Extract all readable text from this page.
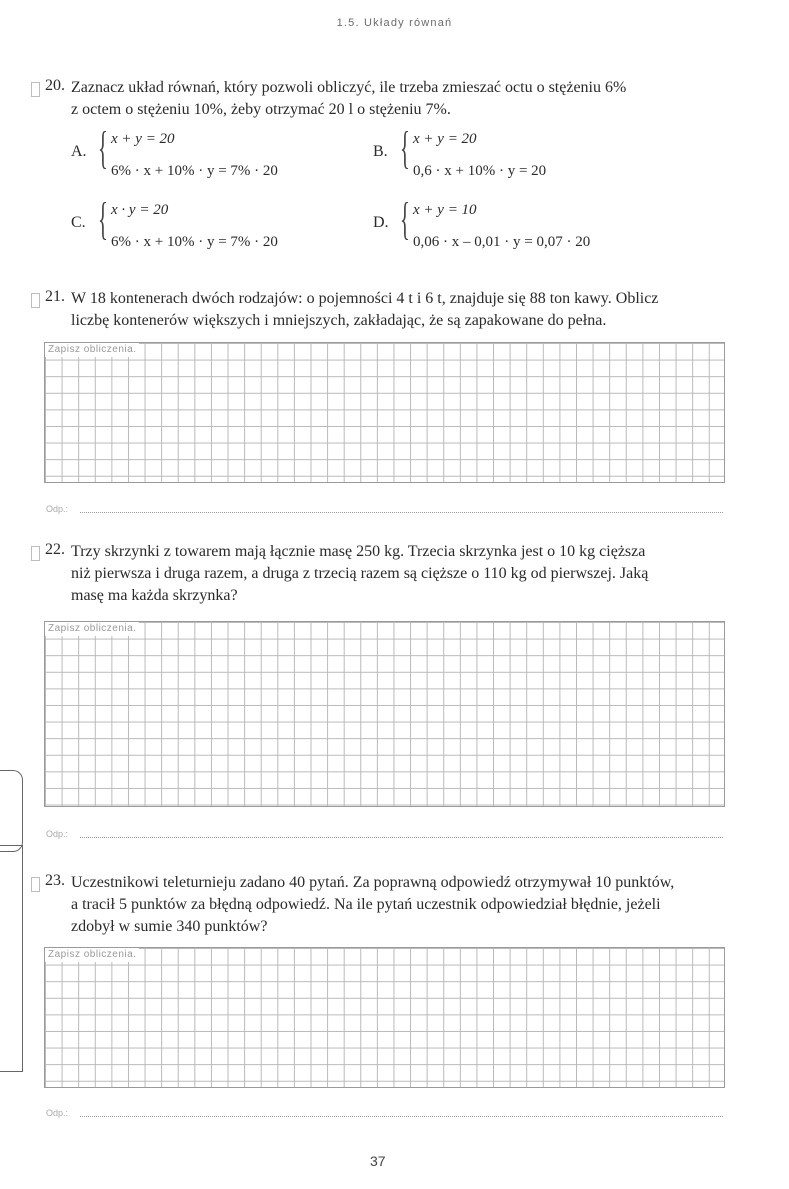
1.5. Układy równań
20. Zaznacz układ równań, który pozwoli obliczyć, ile trzeba zmieszać octu o stężeniu 6%
z octem o stężeniu 10%, żeby otrzymać 20 l o stężeniu 7%.
A. { x + y = 20
6% · x + 10% · y = 7% · 20
B. { x + y = 20
0,6 · x + 10% · y = 20
C. { x · y = 20
6% · x + 10% · y = 7% · 20
D. { x + y = 10
0,06 · x – 0,01 · y = 0,07 · 20
21. W 18 kontenerach dwóch rodzajów: o pojemności 4 t i 6 t, znajduje się 88 ton kawy. Oblicz
liczbę kontenerów większych i mniejszych, zakładając, że są zapakowane do pełna.
Zapisz obliczenia.
Odp.:
22. Trzy skrzynki z towarem mają łącznie masę 250 kg. Trzecia skrzynka jest o 10 kg cięższa
niż pierwsza i druga razem, a druga z trzecią razem są cięższe o 110 kg od pierwszej. Jaką
masę ma każda skrzynka?
Zapisz obliczenia.
Odp.:
23. Uczestnikowi teleturnieju zadano 40 pytań. Za poprawną odpowiedź otrzymywał 10 punktów,
a tracił 5 punktów za błędną odpowiedź. Na ile pytań uczestnik odpowiedział błędnie, jeżeli
zdobył w sumie 340 punktów?
Zapisz obliczenia.
Odp.:
37
